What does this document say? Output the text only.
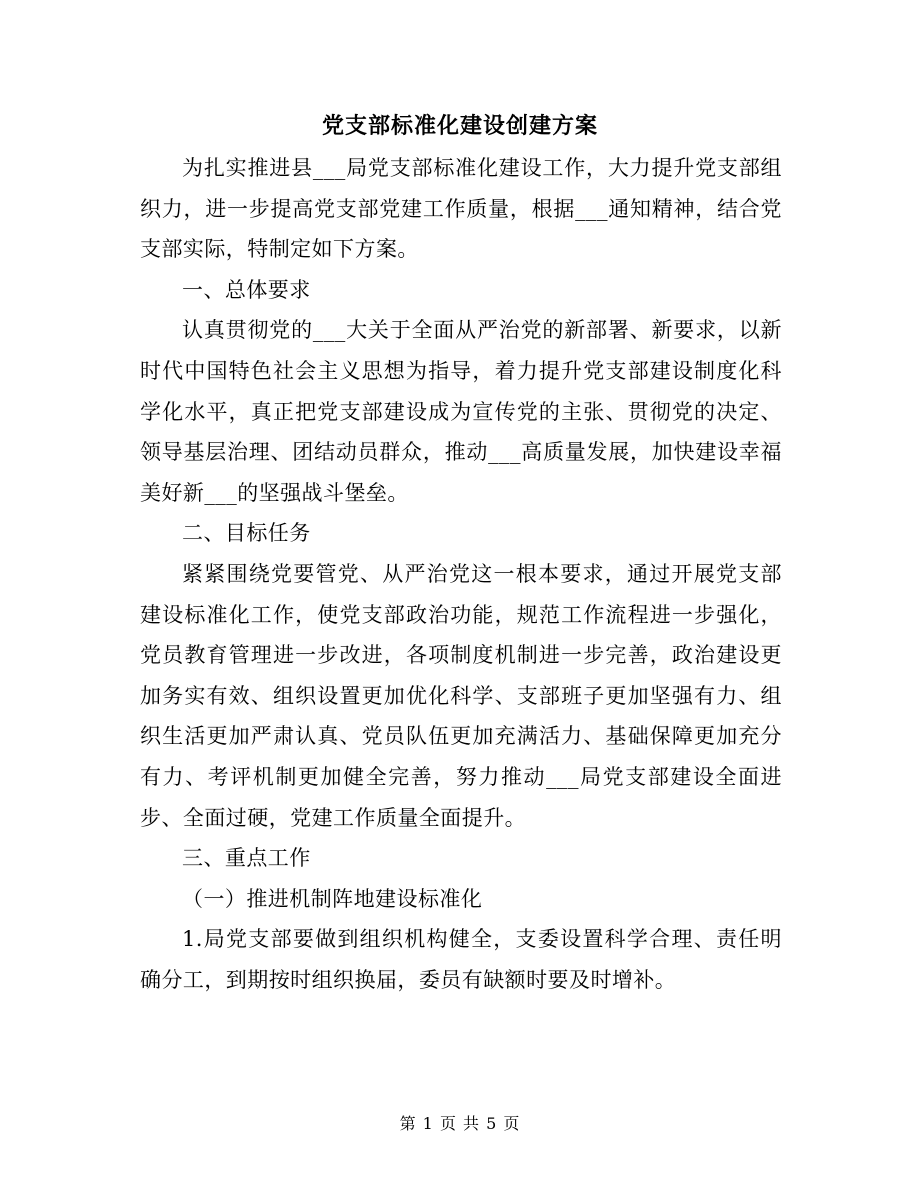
党支部标准化建设创建方案

为扎实推进县___局党支部标准化建设工作，大力提升党支部组织力，进一步提高党支部党建工作质量，根据___通知精神，结合党支部实际，特制定如下方案。

一、总体要求

认真贯彻党的___大关于全面从严治党的新部署、新要求，以新时代中国特色社会主义思想为指导，着力提升党支部建设制度化科学化水平，真正把党支部建设成为宣传党的主张、贯彻党的决定、领导基层治理、团结动员群众，推动___高质量发展，加快建设幸福美好新___的坚强战斗堡垒。

二、目标任务

紧紧围绕党要管党、从严治党这一根本要求，通过开展党支部建设标准化工作，使党支部政治功能，规范工作流程进一步强化，党员教育管理进一步改进，各项制度机制进一步完善，政治建设更加务实有效、组织设置更加优化科学、支部班子更加坚强有力、组织生活更加严肃认真、党员队伍更加充满活力、基础保障更加充分有力、考评机制更加健全完善，努力推动___局党支部建设全面进步、全面过硬，党建工作质量全面提升。

三、重点工作

（一）推进机制阵地建设标准化

1.局党支部要做到组织机构健全，支委设置科学合理、责任明确分工，到期按时组织换届，委员有缺额时要及时增补。

第 1 页 共 5 页
